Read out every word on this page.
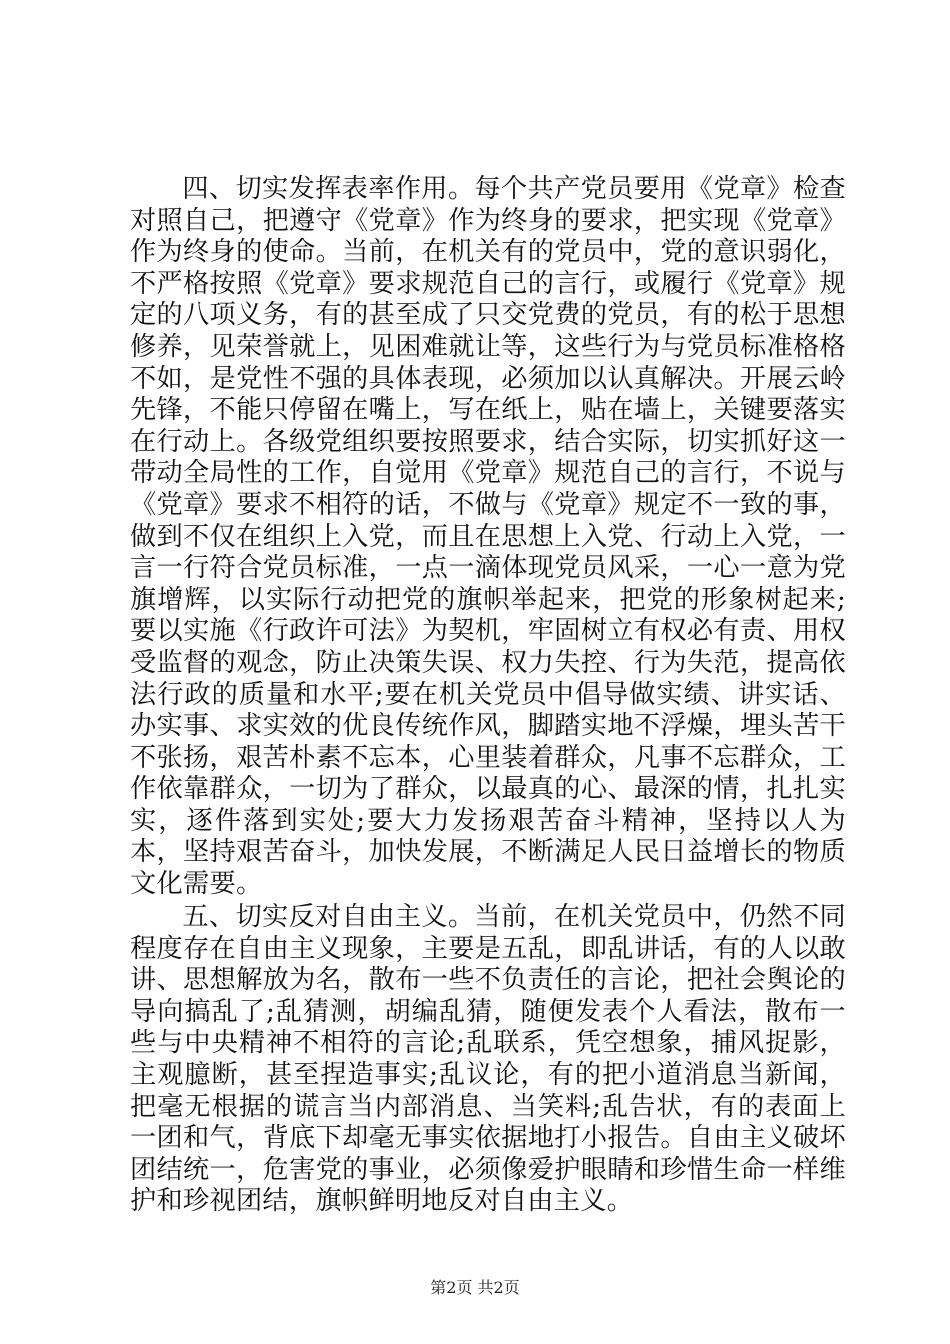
四、切实发挥表率作用。每个共产党员要用《党章》检查对照自己，把遵守《党章》作为终身的要求，把实现《党章》作为终身的使命。当前，在机关有的党员中，党的意识弱化，不严格按照《党章》要求规范自己的言行，或履行《党章》规定的八项义务，有的甚至成了只交党费的党员，有的松于思想修养，见荣誉就上，见困难就让等，这些行为与党员标准格格不如，是党性不强的具体表现，必须加以认真解决。开展云岭先锋，不能只停留在嘴上，写在纸上，贴在墙上，关键要落实在行动上。各级党组织要按照要求，结合实际，切实抓好这一带动全局性的工作，自觉用《党章》规范自己的言行，不说与《党章》要求不相符的话，不做与《党章》规定不一致的事，做到不仅在组织上入党，而且在思想上入党、行动上入党，一言一行符合党员标准，一点一滴体现党员风采，一心一意为党旗增辉，以实际行动把党的旗帜举起来，把党的形象树起来;要以实施《行政许可法》为契机，牢固树立有权必有责、用权受监督的观念，防止决策失误、权力失控、行为失范，提高依法行政的质量和水平;要在机关党员中倡导做实绩、讲实话、办实事、求实效的优良传统作风，脚踏实地不浮燥，埋头苦干不张扬，艰苦朴素不忘本，心里装着群众，凡事不忘群众，工作依靠群众，一切为了群众，以最真的心、最深的情，扎扎实实，逐件落到实处;要大力发扬艰苦奋斗精神，坚持以人为本，坚持艰苦奋斗，加快发展，不断满足人民日益增长的物质文化需要。

五、切实反对自由主义。当前，在机关党员中，仍然不同程度存在自由主义现象，主要是五乱，即乱讲话，有的人以敢讲、思想解放为名，散布一些不负责任的言论，把社会舆论的导向搞乱了;乱猜测，胡编乱猜，随便发表个人看法，散布一些与中央精神不相符的言论;乱联系，凭空想象，捕风捉影，主观臆断，甚至捏造事实;乱议论，有的把小道消息当新闻，把毫无根据的谎言当内部消息、当笑料;乱告状，有的表面上一团和气，背底下却毫无事实依据地打小报告。自由主义破坏团结统一，危害党的事业，必须像爱护眼睛和珍惜生命一样维护和珍视团结，旗帜鲜明地反对自由主义。

第2页 共2页
